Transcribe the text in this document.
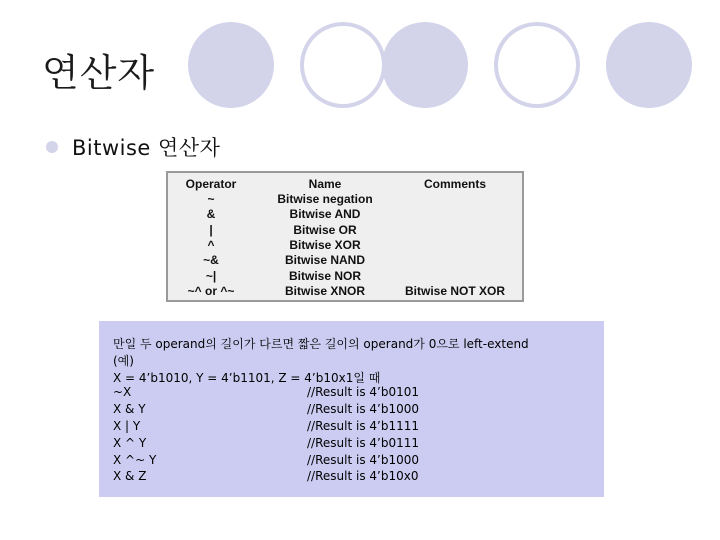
연산자
Bitwise 연산자
Operator	Name	Comments
~	Bitwise negation
&	Bitwise AND
|	Bitwise OR
^	Bitwise XOR
~&	Bitwise NAND
~|	Bitwise NOR
~^ or ^~	Bitwise XNOR	Bitwise NOT XOR
만일 두 operand의 길이가 다르면 짧은 길이의 operand가 0으로 left-extend
(예)
X = 4’b1010, Y = 4’b1101, Z = 4’b10x1일 때
~X	//Result is 4’b0101
X & Y	//Result is 4’b1000
X | Y	//Result is 4’b1111
X ^ Y	//Result is 4’b0111
X ^~ Y	//Result is 4’b1000
X & Z	//Result is 4’b10x0
